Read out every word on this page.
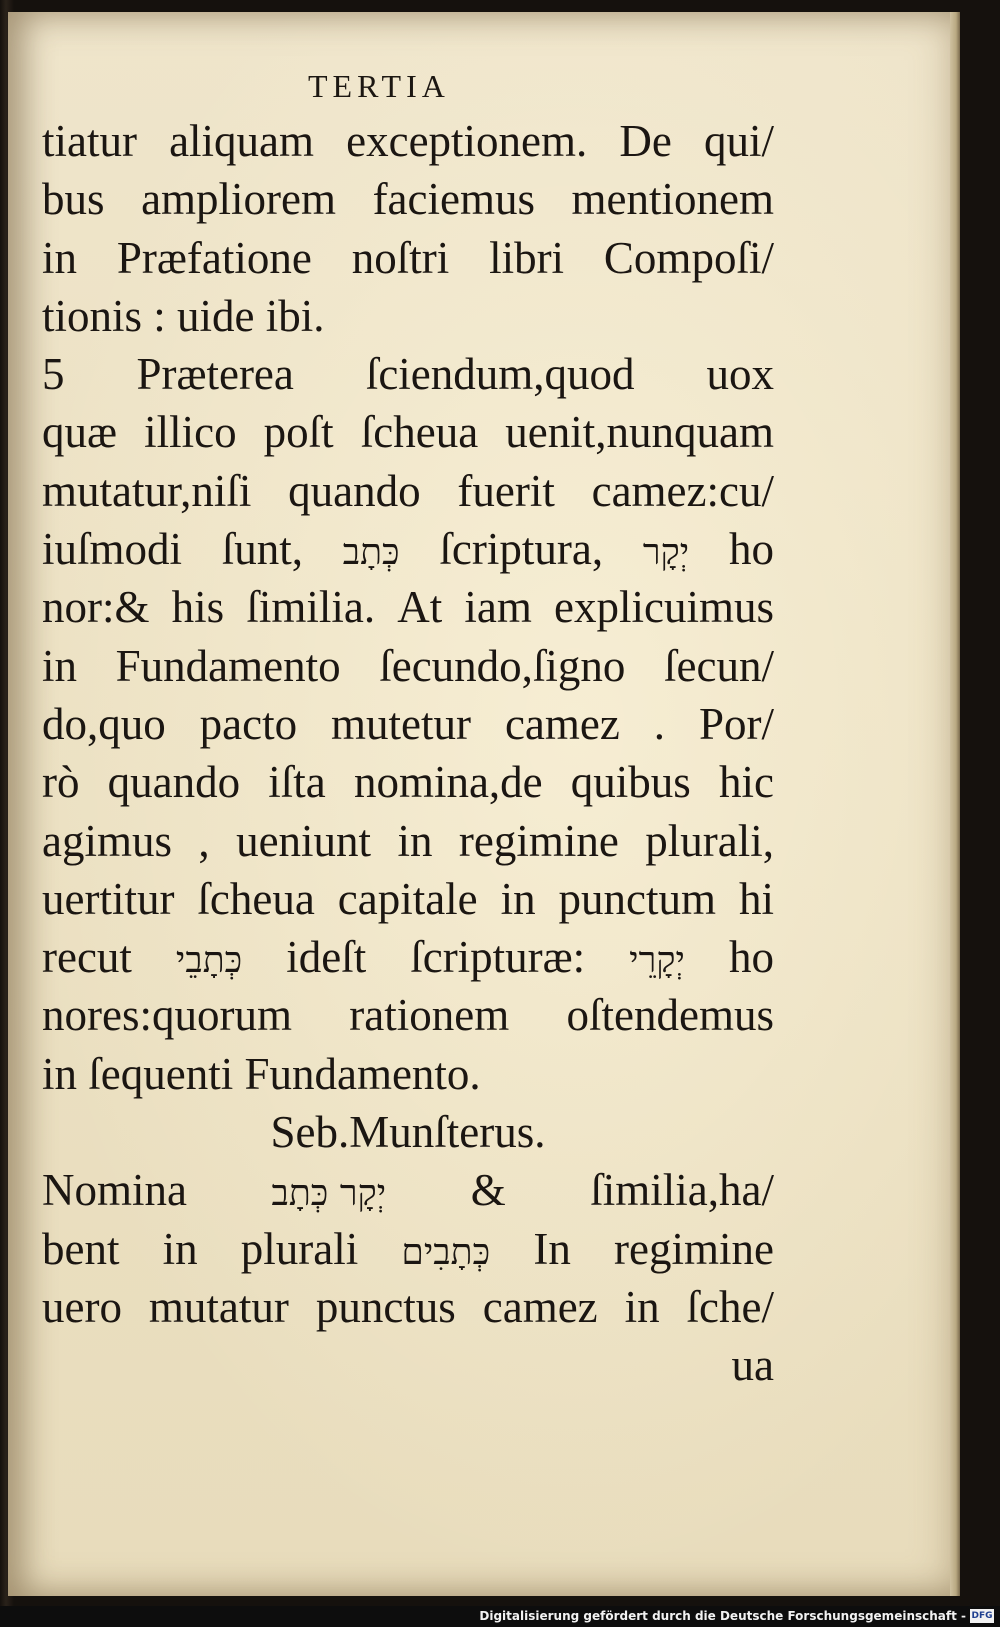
TERTIA
tiatur aliquam exceptionem. De qui/
bus ampliorem faciemus mentionem
in Præfatione noſtri libri Compoſi/
tionis : uide ibi.
5 Præterea ſciendum,quod uox
quæ illico poſt ſcheua uenit,nunquam
mutatur,niſi quando fuerit camez:cu/
iuſmodi ſunt, כְּתָב ſcriptura, יְקָר ho
nor:& his ſimilia. At iam explicuimus
in Fundamento ſecundo,ſigno ſecun/
do,quo pacto mutetur camez . Por/
rò quando iſta nomina,de quibus hic
agimus , ueniunt in regimine plurali,
uertitur ſcheua capitale in punctum hi
recut כְּתָבֵי ideſt ſcripturæ: יְקָרֵי ho
nores:quorum rationem oſtendemus
in ſequenti Fundamento.
Seb.Munſterus.
Nomina יְקָר כְּתָב & ſimilia,ha/
bent in plurali כְּתָבִים In regimine
uero mutatur punctus camez in ſche/
ua
Digitalisierung gefördert durch die Deutsche Forschungsgemeinschaft - DFG
